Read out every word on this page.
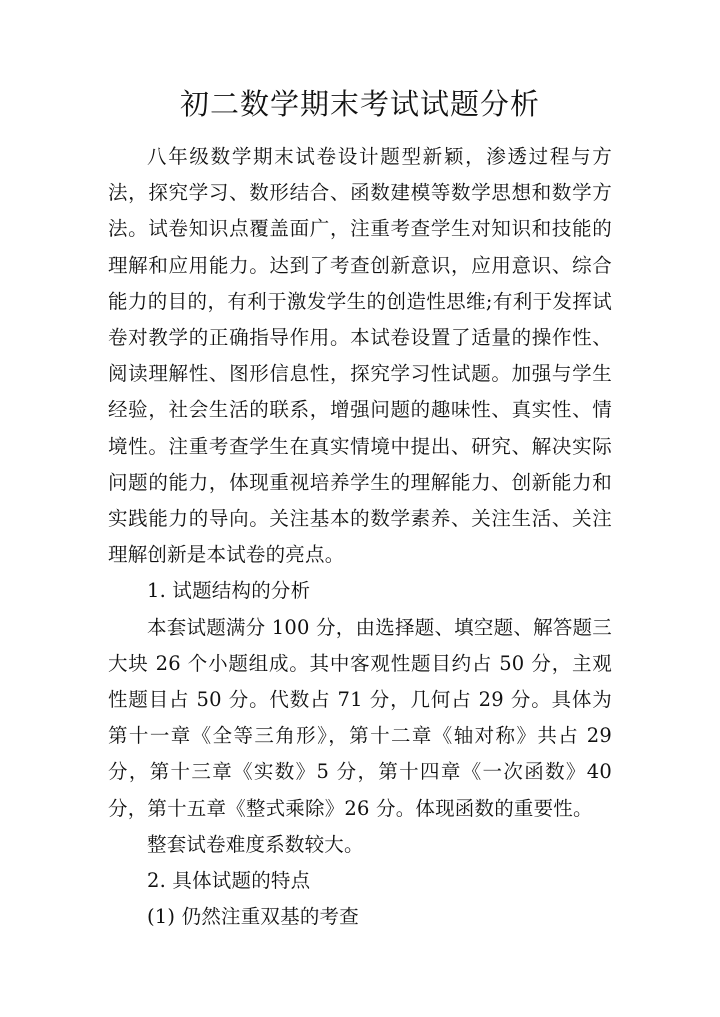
初二数学期末考试试题分析

八年级数学期末试卷设计题型新颖，渗透过程与方法，探究学习、数形结合、函数建模等数学思想和数学方法。试卷知识点覆盖面广，注重考查学生对知识和技能的理解和应用能力。达到了考查创新意识，应用意识、综合能力的目的，有利于激发学生的创造性思维;有利于发挥试卷对教学的正确指导作用。本试卷设置了适量的操作性、阅读理解性、图形信息性，探究学习性试题。加强与学生经验，社会生活的联系，增强问题的趣味性、真实性、情境性。注重考查学生在真实情境中提出、研究、解决实际问题的能力，体现重视培养学生的理解能力、创新能力和实践能力的导向。关注基本的数学素养、关注生活、关注理解创新是本试卷的亮点。

1. 试题结构的分析

本套试题满分 100 分，由选择题、填空题、解答题三大块 26 个小题组成。其中客观性题目约占 50 分，主观性题目占 50 分。代数占 71 分，几何占 29 分。具体为第十一章《全等三角形》，第十二章《轴对称》共占 29 分，第十三章《实数》5 分，第十四章《一次函数》40 分，第十五章《整式乘除》26 分。体现函数的重要性。

整套试卷难度系数较大。

2. 具体试题的特点

(1) 仍然注重双基的考查
